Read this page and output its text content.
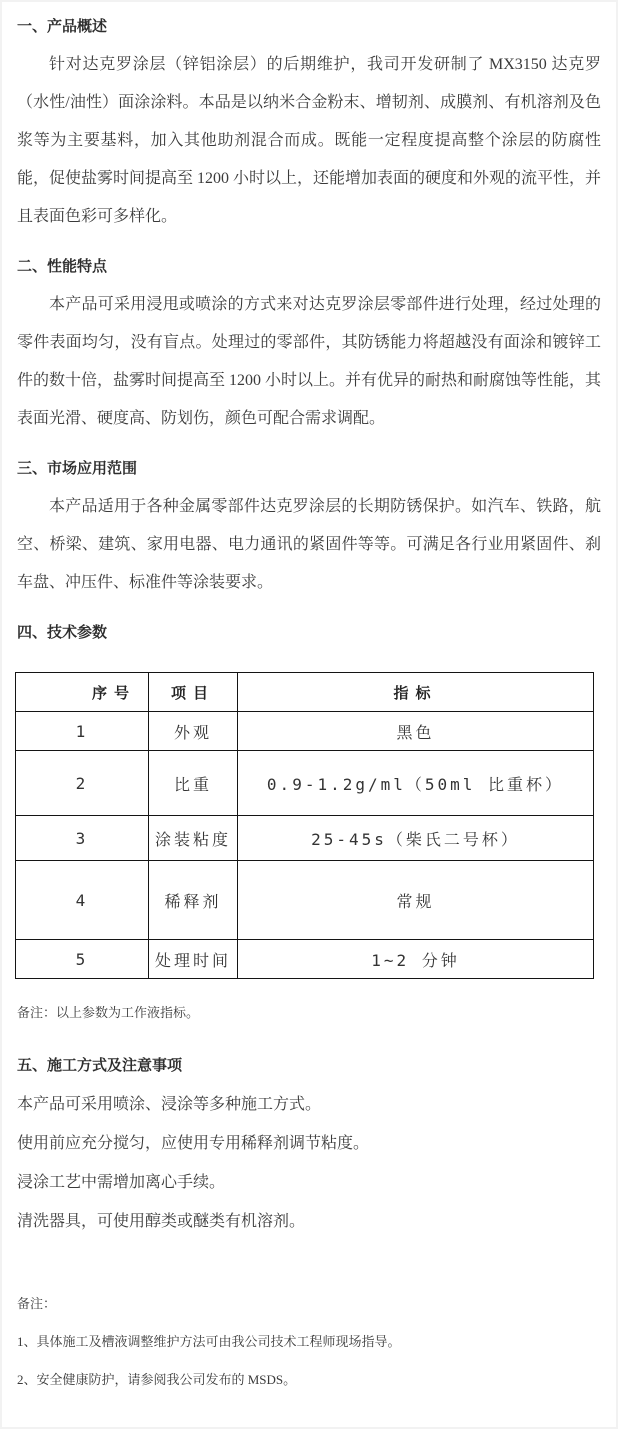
一、产品概述

针对达克罗涂层（锌铝涂层）的后期维护，我司开发研制了 MX3150 达克罗（水性/油性）面涂涂料。本品是以纳米合金粉末、增韧剂、成膜剂、有机溶剂及色浆等为主要基料，加入其他助剂混合而成。既能一定程度提高整个涂层的防腐性能，促使盐雾时间提高至 1200 小时以上，还能增加表面的硬度和外观的流平性，并且表面色彩可多样化。

二、性能特点

本产品可采用浸甩或喷涂的方式来对达克罗涂层零部件进行处理，经过处理的零件表面均匀，没有盲点。处理过的零部件，其防锈能力将超越没有面涂和镀锌工件的数十倍，盐雾时间提高至 1200 小时以上。并有优异的耐热和耐腐蚀等性能，其表面光滑、硬度高、防划伤，颜色可配合需求调配。

三、市场应用范围

本产品适用于各种金属零部件达克罗涂层的长期防锈保护。如汽车、铁路，航空、桥梁、建筑、家用电器、电力通讯的紧固件等等。可满足各行业用紧固件、刹车盘、冲压件、标准件等涂装要求。

四、技术参数
序号	项目	指标
1	外观	黑色
2	比重	0.9-1.2g/ml（50ml 比重杯）
3	涂装粘度	25-45s（柴氏二号杯）
4	稀释剂	常规
5	处理时间	1~2 分钟

备注：以上参数为工作液指标。

五、施工方式及注意事项

本产品可采用喷涂、浸涂等多种施工方式。

使用前应充分搅匀，应使用专用稀释剂调节粘度。

浸涂工艺中需增加离心手续。

清洗器具，可使用醇类或醚类有机溶剂。

备注：

1、具体施工及槽液调整维护方法可由我公司技术工程师现场指导。

2、安全健康防护，请参阅我公司发布的 MSDS。
